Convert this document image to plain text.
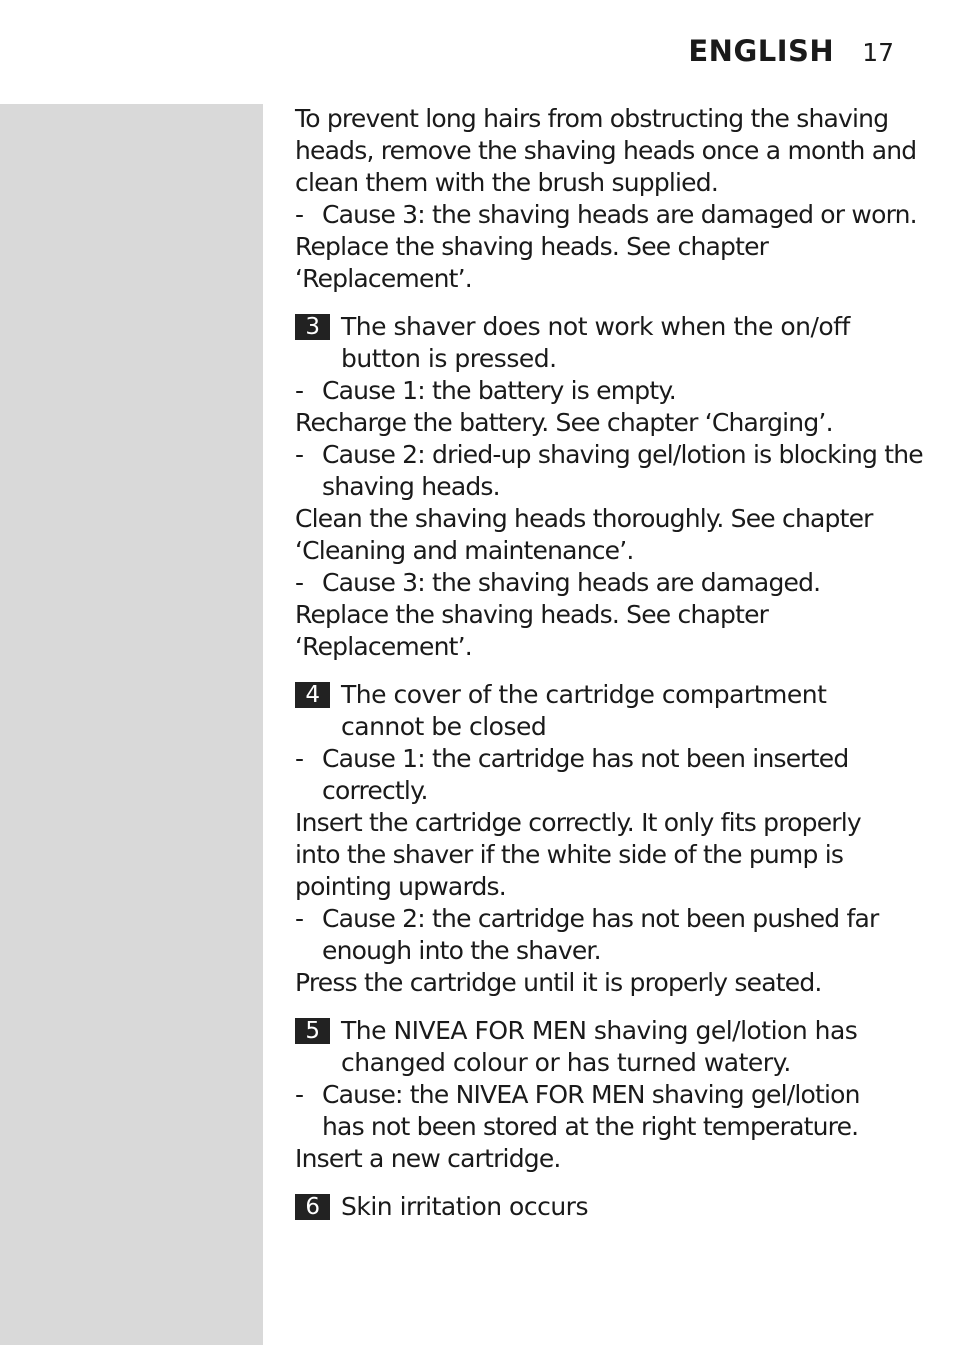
ENGLISH 17
To prevent long hairs from obstructing the shaving
heads, remove the shaving heads once a month and
clean them with the brush supplied.
- Cause 3: the shaving heads are damaged or worn.
Replace the shaving heads. See chapter
‘Replacement’.
3 The shaver does not work when the on/off
button is pressed.
- Cause 1: the battery is empty.
Recharge the battery. See chapter ‘Charging’.
- Cause 2: dried-up shaving gel/lotion is blocking the
shaving heads.
Clean the shaving heads thoroughly. See chapter
‘Cleaning and maintenance’.
- Cause 3: the shaving heads are damaged.
Replace the shaving heads. See chapter
‘Replacement’.
4 The cover of the cartridge compartment
cannot be closed
- Cause 1: the cartridge has not been inserted
correctly.
Insert the cartridge correctly. It only fits properly
into the shaver if the white side of the pump is
pointing upwards.
- Cause 2: the cartridge has not been pushed far
enough into the shaver.
Press the cartridge until it is properly seated.
5 The NIVEA FOR MEN shaving gel/lotion has
changed colour or has turned watery.
- Cause: the NIVEA FOR MEN shaving gel/lotion
has not been stored at the right temperature.
Insert a new cartridge.
6 Skin irritation occurs
